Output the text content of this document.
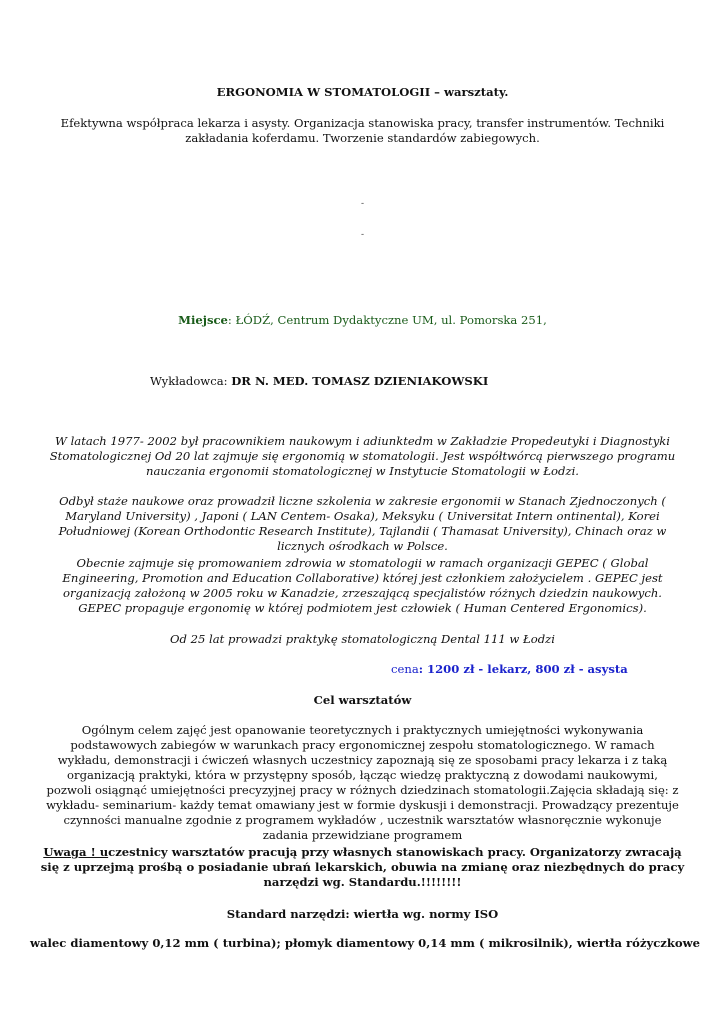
ERGONOMIA W STOMATOLOGII – warsztaty.

Efektywna współpraca lekarza i asysty. Organizacja stanowiska pracy, transfer instrumentów. Techniki zakładania koferdamu. Tworzenie standardów zabiegowych.

-

-

Miejsce: ŁÓDŹ, Centrum Dydaktyczne UM, ul. Pomorska 251,

Wykładowca: DR N. MED. TOMASZ DZIENIAKOWSKI

W latach 1977- 2002 był pracownikiem naukowym i adiunktedm w Zakładzie Propedeutyki i Diagnostyki Stomatologicznej Od 20 lat zajmuje się ergonomią w stomatologii. Jest współtwórcą pierwszego programu nauczania ergonomii stomatologicznej w Instytucie Stomatologii w Łodzi.

Odbył staże naukowe oraz prowadził liczne szkolenia w zakresie ergonomii w Stanach Zjednoczonych ( Maryland University) , Japoni ( LAN Centem- Osaka), Meksyku ( Universitat Intern ontinental), Korei Południowej (Korean Orthodontic Research Institute), Tajlandii ( Thamasat University), Chinach oraz w licznych ośrodkach w Polsce.

Obecnie zajmuje się promowaniem zdrowia w stomatologii w ramach organizacji GEPEC ( Global Engineering, Promotion and Education Collaborative) której jest członkiem założycielem . GEPEC jest organizacją założoną w 2005 roku w Kanadzie, zrzeszającą specjalistów różnych dziedzin naukowych. GEPEC propaguje ergonomię w której podmiotem jest człowiek ( Human Centered Ergonomics).

Od 25 lat prowadzi praktykę stomatologiczną Dental 111 w Łodzi

cena: 1200 zł - lekarz, 800 zł - asysta

Cel warsztatów

Ogólnym celem zajęć jest opanowanie teoretycznych i praktycznych umiejętności wykonywania podstawowych zabiegów w warunkach pracy ergonomicznej zespołu stomatologicznego. W ramach wykładu, demonstracji i ćwiczeń własnych uczestnicy zapoznają się ze sposobami pracy lekarza i z taką organizacją praktyki, która w przystępny sposób, łącząc wiedzę praktyczną z dowodami naukowymi, pozwoli osiągnąć umiejętności precyzyjnej pracy w różnych dziedzinach stomatologii.Zajęcia składają się: z wykładu- seminarium- każdy temat omawiany jest w formie dyskusji i demonstracji. Prowadzący prezentuje czynności manualne zgodnie z programem wykładów , uczestnik warsztatów własnoręcznie wykonuje zadania przewidziane programem

Uwaga ! uczestnicy warsztatów pracują przy własnych stanowiskach pracy. Organizatorzy zwracają się z uprzejmą prośbą o posiadanie ubrań lekarskich, obuwia na zmianę oraz niezbędnych do pracy narzędzi wg. Standardu.!!!!!!!!

Standard narzędzi: wiertła wg. normy ISO

walec diamentowy 0,12 mm ( turbina); płomyk diamentowy 0,14 mm ( mikrosilnik), wiertła różyczkowe
